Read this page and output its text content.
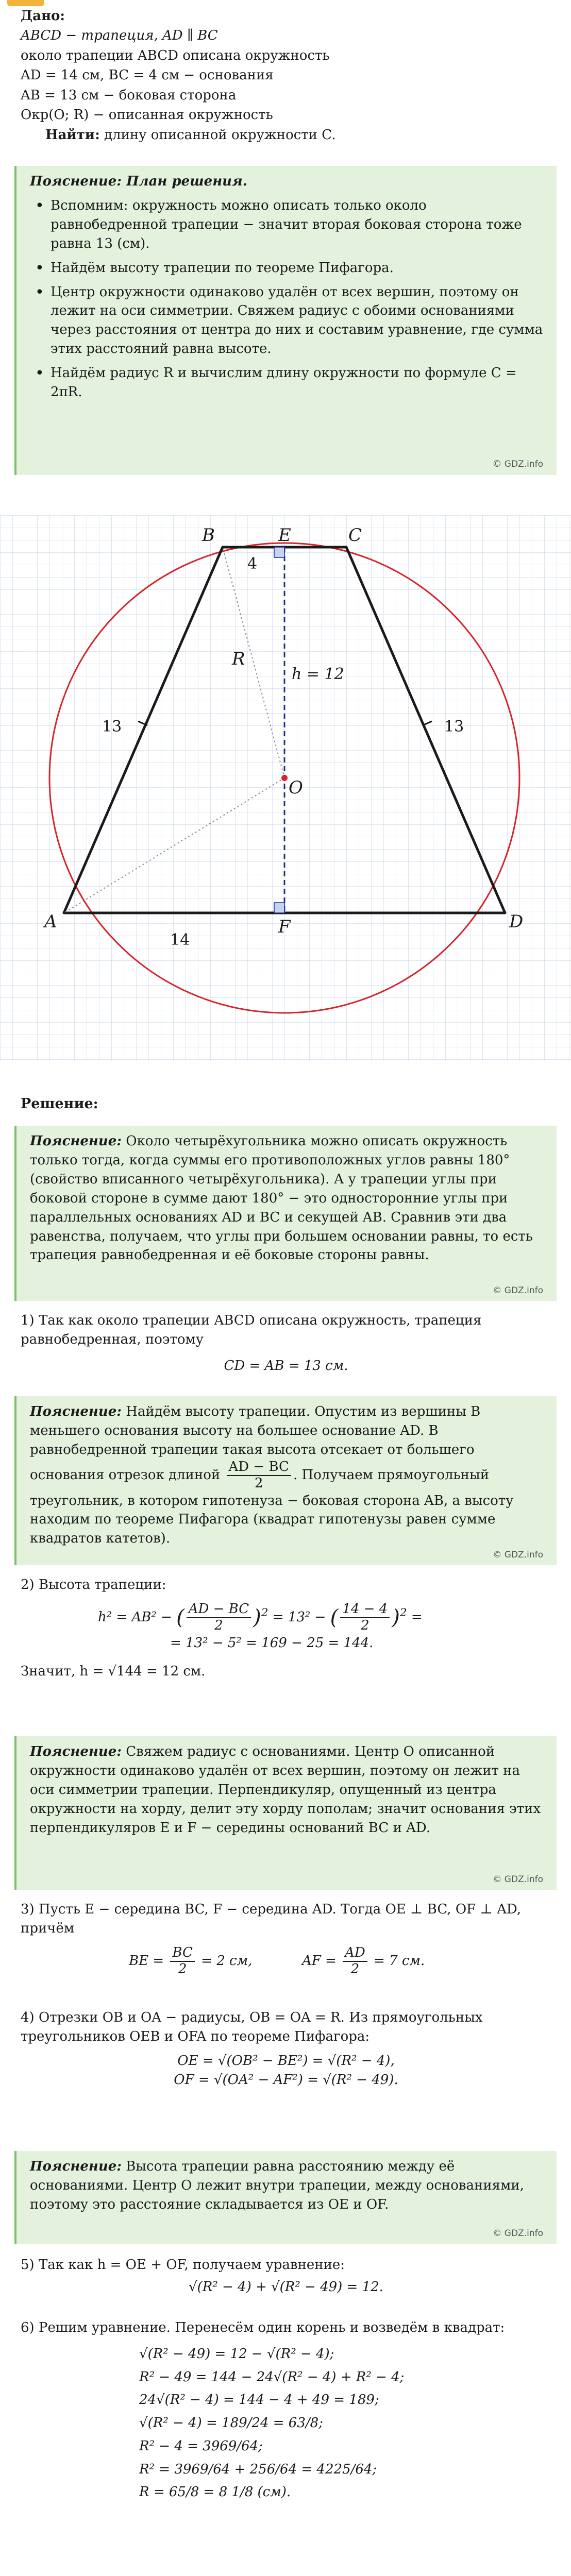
Дано:

ABCD − трапеция, AD ∥ BC

около трапеции ABCD описана окружность

AD = 14 см, BC = 4 см − основания

AB = 13 см − боковая сторона

Окр(O; R) − описанная окружность

Найти: длину описанной окружности C.

Пояснение: План решения.
• Вспомним: окружность можно описать только около равнобедренной трапеции − значит вторая боковая сторона тоже равна 13 (см).
• Найдём высоту трапеции по теореме Пифагора.
• Центр окружности одинаково удалён от всех вершин, поэтому он лежит на оси симметрии. Свяжем радиус с обоими основаниями через расстояния от центра до них и составим уравнение, где сумма этих расстояний равна высоте.
• Найдём радиус R и вычислим длину окружности по формуле C = 2πR.
© GDZ.info
B	E	C
A	F	D
O
R
4
14
13	13
h = 12
Решение:
Пояснение: Около четырёхугольника можно описать окружность только тогда, когда суммы его противоположных углов равны 180° (свойство вписанного четырёхугольника). А у трапеции углы при боковой стороне в сумме дают 180° − это односторонние углы при параллельных основаниях AD и BC и секущей AB. Сравнив эти два равенства, получаем, что углы при большем основании равны, то есть трапеция равнобедренная и её боковые стороны равны.
© GDZ.info

1) Так как около трапеции ABCD описана окружность, трапеция равнобедренная, поэтому

CD = AB = 13 см.

Пояснение: Найдём высоту трапеции. Опустим из вершины B меньшего основания высоту на большее основание AD. В равнобедренной трапеции такая высота отсекает от большего основания отрезок длиной $\frac{AD - BC}{2}$ . Получаем прямоугольный треугольник, в котором гипотенуза − боковая сторона AB, а высоту находим по теореме Пифагора (квадрат гипотенузы равен сумме квадратов катетов).
© GDZ.info

2) Высота трапеции:

h² = AB² − ( $\frac{AD - BC}{2} )^2 = 13^2$ − ( $\frac{14 - 4}{2} )^2$ =

= 13² − 5² = 169 − 25 = 144.

Значит, h = √144 = 12 см.

Пояснение: Свяжем радиус с основаниями. Центр O описанной окружности одинаково удалён от всех вершин, поэтому он лежит на оси симметрии трапеции. Перпендикуляр, опущенный из центра окружности на хорду, делит эту хорду пополам; значит основания этих перпендикуляров E и F − середины оснований BC и AD.
© GDZ.info

3) Пусть E − середина BC, F − середина AD. Тогда OE ⊥ BC, OF ⊥ AD, причём

BE = $\frac{BC}{2} = 2$ см,	AF = $\frac{AD}{2} = 7$ см.

4) Отрезки OB и OA − радиусы, OB = OA = R. Из прямоугольных треугольников OEB и OFA по теореме Пифагора:

OE = √(OB² − BE²) = √(R² − 4),

OF = √(OA² − AF²) = √(R² − 49).

Пояснение: Высота трапеции равна расстоянию между её основаниями. Центр O лежит внутри трапеции, между основаниями, поэтому это расстояние складывается из OE и OF.
© GDZ.info

5) Так как h = OE + OF, получаем уравнение:

√(R² − 4) + √(R² − 49) = 12.

6) Решим уравнение. Перенесём один корень и возведём в квадрат:

√(R² − 49) = 12 − √(R² − 4);

R² − 49 = 144 − 24√(R² − 4) + R² − 4;

24√(R² − 4) = 144 − 4 + 49 = 189;

√(R² − 4) = 189/24 = 63/8;

R² − 4 = 3969/64;

R² = 3969/64 + 256/64 = 4225/64;

R = 65/8 = 8 1/8 (см).
